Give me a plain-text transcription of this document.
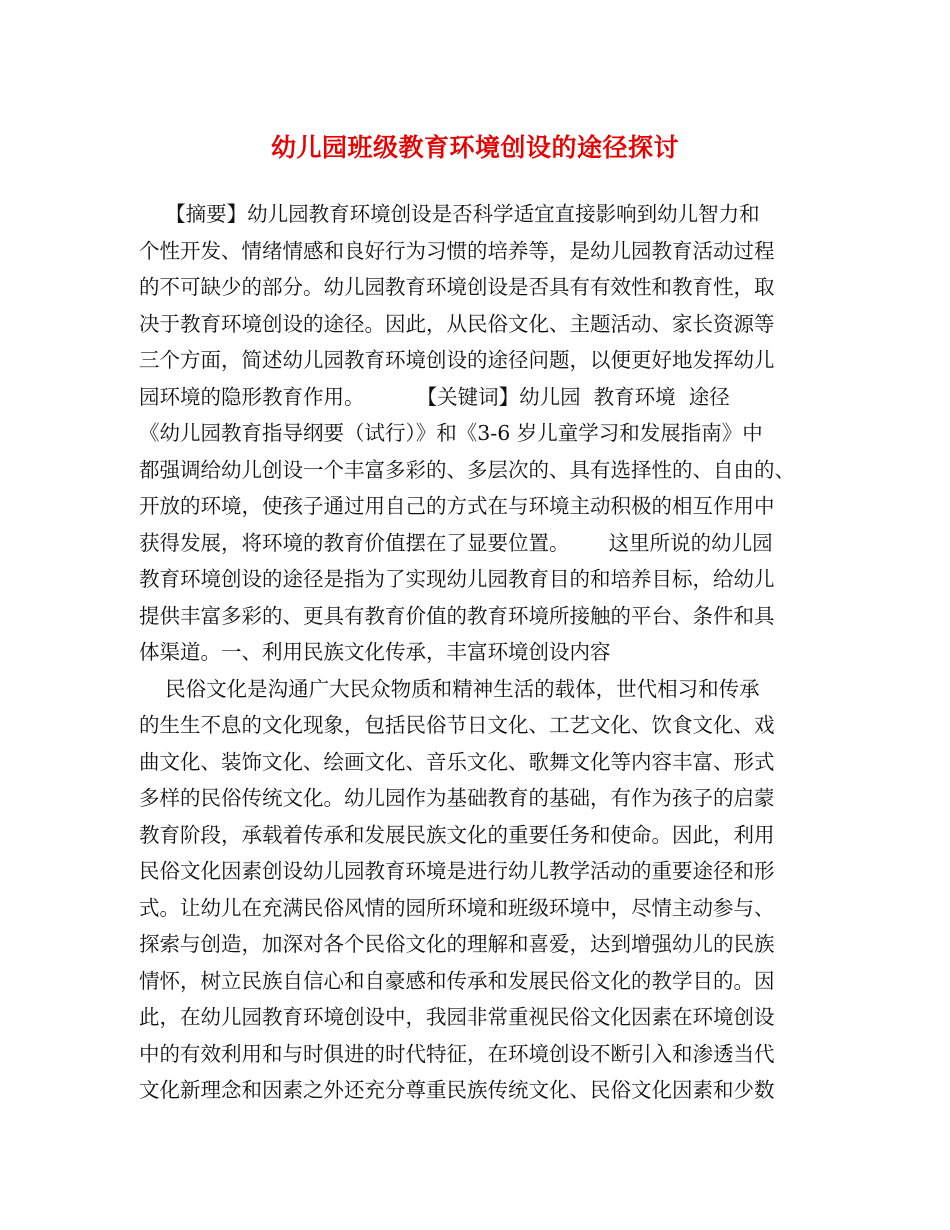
幼儿园班级教育环境创设的途径探讨
【摘要】幼儿园教育环境创设是否科学适宜直接影响到幼儿智力和
个性开发、情绪情感和良好行为习惯的培养等，是幼儿园教育活动过程
的不可缺少的部分。幼儿园教育环境创设是否具有有效性和教育性，取
决于教育环境创设的途径。因此，从民俗文化、主题活动、家长资源等
三个方面，简述幼儿园教育环境创设的途径问题，以便更好地发挥幼儿
园环境的隐形教育作用。        【关键词】幼儿园  教育环境  途径
《幼儿园教育指导纲要（试行）》和《3-6 岁儿童学习和发展指南》中
都强调给幼儿创设一个丰富多彩的、多层次的、具有选择性的、自由的、
开放的环境，使孩子通过用自己的方式在与环境主动积极的相互作用中
获得发展，将环境的教育价值摆在了显要位置。      这里所说的幼儿园
教育环境创设的途径是指为了实现幼儿园教育目的和培养目标，给幼儿
提供丰富多彩的、更具有教育价值的教育环境所接触的平台、条件和具
体渠道。一、利用民族文化传承，丰富环境创设内容
民俗文化是沟通广大民众物质和精神生活的载体，世代相习和传承
的生生不息的文化现象，包括民俗节日文化、工艺文化、饮食文化、戏
曲文化、装饰文化、绘画文化、音乐文化、歌舞文化等内容丰富、形式
多样的民俗传统文化。幼儿园作为基础教育的基础，有作为孩子的启蒙
教育阶段，承载着传承和发展民族文化的重要任务和使命。因此，利用
民俗文化因素创设幼儿园教育环境是进行幼儿教学活动的重要途径和形
式。让幼儿在充满民俗风情的园所环境和班级环境中，尽情主动参与、
探索与创造，加深对各个民俗文化的理解和喜爱，达到增强幼儿的民族
情怀，树立民族自信心和自豪感和传承和发展民俗文化的教学目的。因
此，在幼儿园教育环境创设中，我园非常重视民俗文化因素在环境创设
中的有效利用和与时俱进的时代特征，在环境创设不断引入和渗透当代
文化新理念和因素之外还充分尊重民族传统文化、民俗文化因素和少数
